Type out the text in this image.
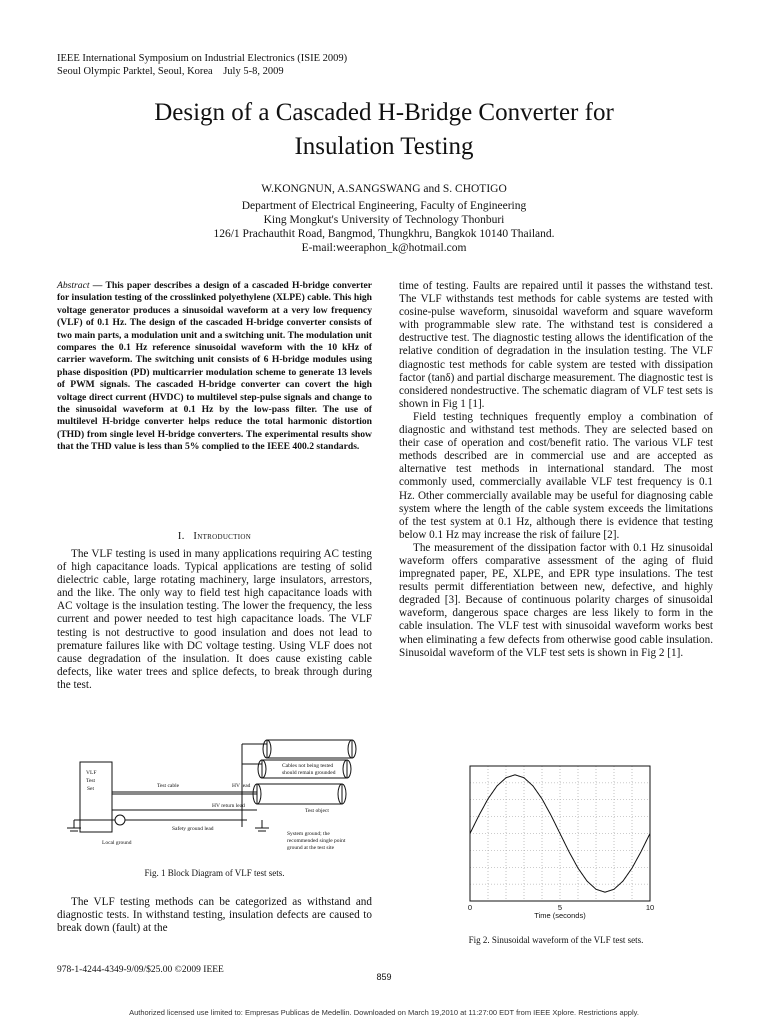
IEEE International Symposium on Industrial Electronics (ISIE 2009)
Seoul Olympic Parktel, Seoul, Korea    July 5-8, 2009
Design of a Cascaded H-Bridge Converter for
Insulation Testing
W.KONGNUN, A.SANGSWANG and S. CHOTIGO
Department of Electrical Engineering, Faculty of Engineering
King Mongkut's University of Technology Thonburi
126/1 Prachauthit Road, Bangmod, Thungkhru, Bangkok 10140 Thailand.
E-mail:weeraphon_k@hotmail.com

Abstract — This paper describes a design of a cascaded H-bridge converter for insulation testing of the crosslinked polyethylene (XLPE) cable. This high voltage generator produces a sinusoidal waveform at a very low frequency (VLF) of 0.1 Hz. The design of the cascaded H-bridge converter consists of two main parts, a modulation unit and a switching unit. The modulation unit compares the 0.1 Hz reference sinusoidal waveform with the 10 kHz of carrier waveform. The switching unit consists of 6 H-bridge modules using phase disposition (PD) multicarrier modulation scheme to generate 13 levels of PWM signals. The cascaded H-bridge converter can covert the high voltage direct current (HVDC) to multilevel step-pulse signals and change to the sinusoidal waveform at 0.1 Hz by the low-pass filter. The use of multilevel H-bridge converter helps reduce the total harmonic distortion (THD) from single level H-bridge converters. The experimental results show that the THD value is less than 5% complied to the IEEE 400.2 standards.

I. Introduction

The VLF testing is used in many applications requiring AC testing of high capacitance loads. Typical applications are testing of solid dielectric cable, large rotating machinery, large insulators, arrestors, and the like. The only way to field test high capacitance loads with AC voltage is the insulation testing. The lower the frequency, the less current and power needed to test high capacitance loads. The VLF testing is not destructive to good insulation and does not lead to premature failures like with DC voltage testing. Using VLF does not cause degradation of the insulation. It does cause existing cable defects, like water trees and splice defects, to break through during the test.

VLF
Test
Set	Test cable	HV lead
HV return lead
Test object
Safety ground lead
Local ground
Cables not being tested
should remain grounded
System ground; the
recommended single point
ground at the test site
Fig. 1 Block Diagram of VLF test sets.

The VLF testing methods can be categorized as withstand and diagnostic tests. In withstand testing, insulation defects are caused to break down (fault) at the

time of testing. Faults are repaired until it passes the withstand test. The VLF withstands test methods for cable systems are tested with cosine-pulse waveform, sinusoidal waveform and square waveform with programmable slew rate. The withstand test is considered a destructive test. The diagnostic testing allows the identification of the relative condition of degradation in the insulation testing. The VLF diagnostic test methods for cable system are tested with dissipation factor (tanδ) and partial discharge measurement. The diagnostic test is considered nondestructive. The schematic diagram of VLF test sets is shown in Fig 1 [1].

Field testing techniques frequently employ a combination of diagnostic and withstand test methods. They are selected based on their case of operation and cost/benefit ratio. The various VLF test methods described are in commercial use and are accepted as alternative test methods in international standard. The most commonly used, commercially available VLF test frequency is 0.1 Hz. Other commercially available may be useful for diagnosing cable system where the length of the cable system exceeds the limitations of the test system at 0.1 Hz, although there is evidence that testing below 0.1 Hz may increase the risk of failure [2].

The measurement of the dissipation factor with 0.1 Hz sinusoidal waveform offers comparative assessment of the aging of fluid impregnated paper, PE, XLPE, and EPR type insulations. The test results permit differentiation between new, defective, and highly degraded [3]. Because of continuous polarity charges of sinusoidal waveform, dangerous space charges are less likely to form in the cable insulation. The VLF test with sinusoidal waveform works best when eliminating a few defects from otherwise good cable insulation. Sinusoidal waveform of the VLF test sets is shown in Fig 2 [1].

0	5	10
Time (seconds)
Fig 2. Sinusoidal waveform of the VLF test sets.
978-1-4244-4349-9/09/$25.00 ©2009 IEEE
859
Authorized licensed use limited to: Empresas Publicas de Medellin. Downloaded on March 19,2010 at 11:27:00 EDT from IEEE Xplore. Restrictions apply.
